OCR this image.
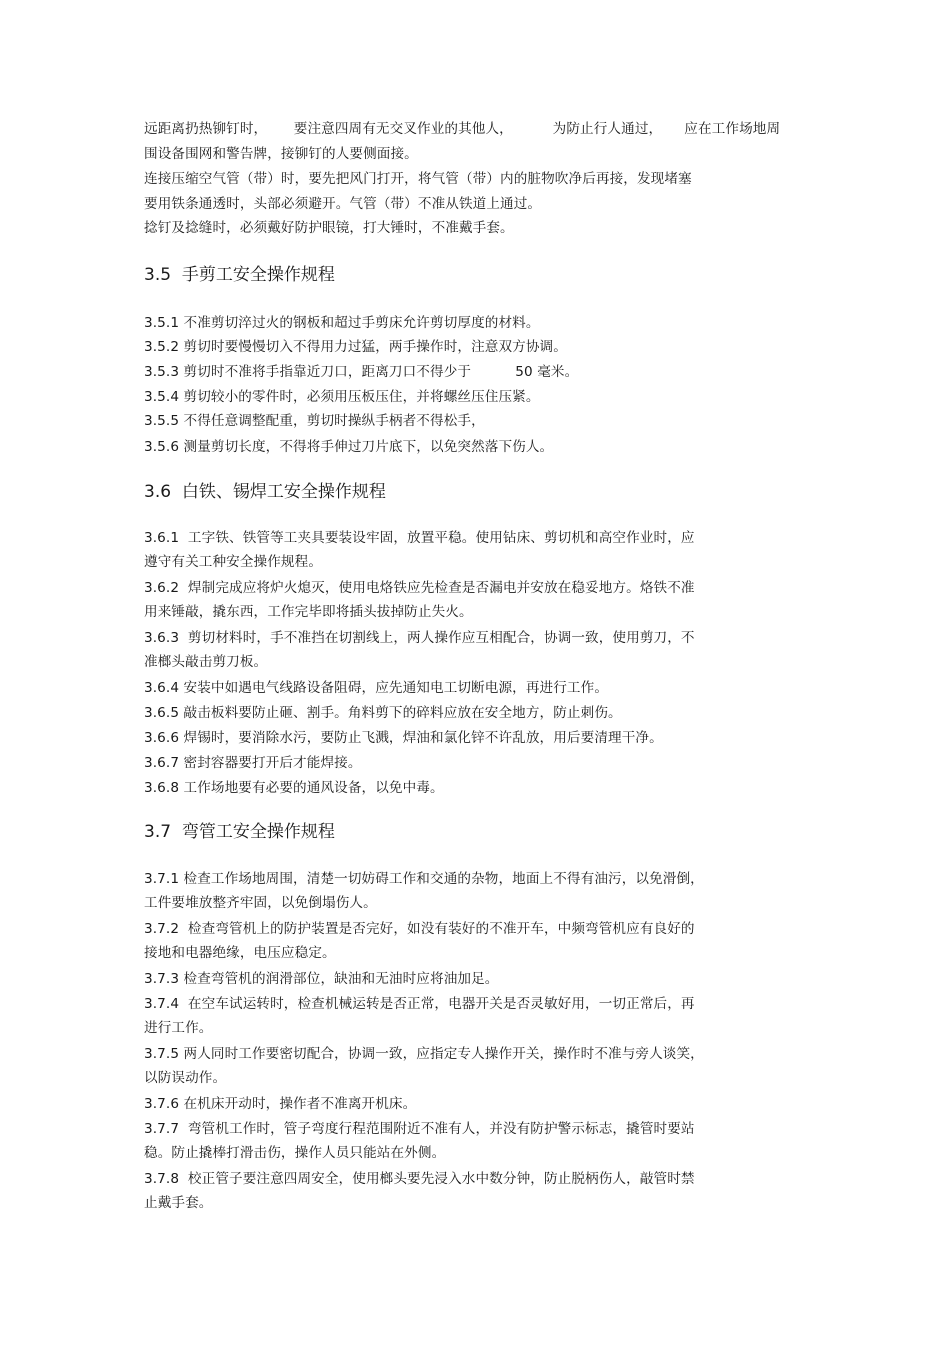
远距离扔热铆钉时，      要注意四周有无交叉作业的其他人，         为防止行人通过，     应在工作场地周
围设备围网和警告牌，接铆钉的人要侧面接。
连接压缩空气管（带）时，要先把风门打开，将气管（带）内的脏物吹净后再接，发现堵塞
要用铁条通透时，头部必须避开。气管（带）不准从铁道上通过。
捻钉及捻缝时，必须戴好防护眼镜，打大锤时，不准戴手套。
3.5  手剪工安全操作规程
3.5.1 不准剪切淬过火的钢板和超过手剪床允许剪切厚度的材料。
3.5.2 剪切时要慢慢切入不得用力过猛，两手操作时，注意双方协调。
3.5.3 剪切时不准将手指靠近刀口，距离刀口不得少于          50 毫米。
3.5.4 剪切较小的零件时，必须用压板压住，并将螺丝压住压紧。
3.5.5 不得任意调整配重，剪切时操纵手柄者不得松手，
3.5.6 测量剪切长度，不得将手伸过刀片底下，以免突然落下伤人。
3.6  白铁、锡焊工安全操作规程
3.6.1  工字铁、铁管等工夹具要装设牢固，放置平稳。使用钻床、剪切机和高空作业时，应
遵守有关工种安全操作规程。
3.6.2  焊制完成应将炉火熄灭，使用电烙铁应先检查是否漏电并安放在稳妥地方。烙铁不准
用来锤敲，撬东西，工作完毕即将插头拔掉防止失火。
3.6.3  剪切材料时，手不准挡在切割线上，两人操作应互相配合，协调一致，使用剪刀，不
准榔头敲击剪刀板。
3.6.4 安装中如遇电气线路设备阻碍，应先通知电工切断电源，再进行工作。
3.6.5 敲击板料要防止砸、割手。角料剪下的碎料应放在安全地方，防止刺伤。
3.6.6 焊锡时，要消除水污，要防止飞溅，焊油和氯化锌不许乱放，用后要清理干净。
3.6.7 密封容器要打开后才能焊接。
3.6.8 工作场地要有必要的通风设备，以免中毒。
3.7  弯管工安全操作规程
3.7.1 检查工作场地周围，清楚一切妨碍工作和交通的杂物，地面上不得有油污，以免滑倒，
工件要堆放整齐牢固，以免倒塌伤人。
3.7.2  检查弯管机上的防护装置是否完好，如没有装好的不准开车，中频弯管机应有良好的
接地和电器绝缘，电压应稳定。
3.7.3 检查弯管机的润滑部位，缺油和无油时应将油加足。
3.7.4  在空车试运转时，检查机械运转是否正常，电器开关是否灵敏好用，一切正常后，再
进行工作。
3.7.5 两人同时工作要密切配合，协调一致，应指定专人操作开关，操作时不准与旁人谈笑，
以防误动作。
3.7.6 在机床开动时，操作者不准离开机床。
3.7.7  弯管机工作时，管子弯度行程范围附近不准有人，并没有防护警示标志，撬管时要站
稳。防止撬棒打滑击伤，操作人员只能站在外侧。
3.7.8  校正管子要注意四周安全，使用榔头要先浸入水中数分钟，防止脱柄伤人，敲管时禁
止戴手套。
